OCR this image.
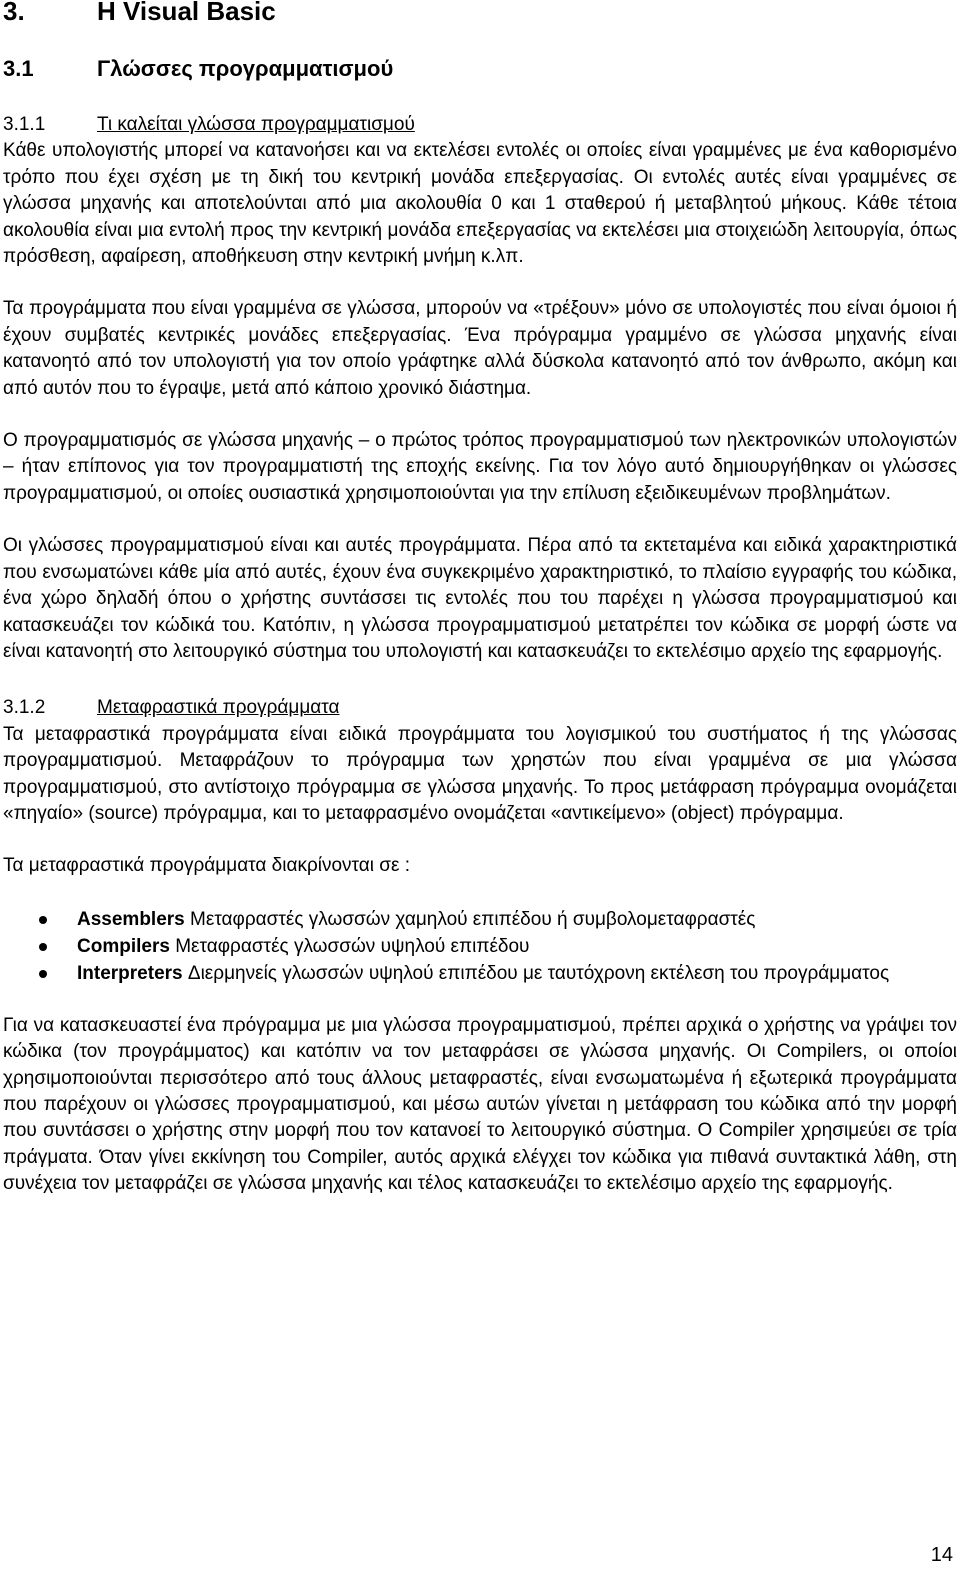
3.	Η Visual Basic
3.1	Γλώσσες προγραμματισμού
3.1.1	Τι καλείται γλώσσα προγραμματισμού

Κάθε υπολογιστής μπορεί να κατανοήσει και να εκτελέσει εντολές οι οποίες είναι γραμμένες με ένα καθορισμένο τρόπο που έχει σχέση με τη δική του κεντρική μονάδα επεξεργασίας. Οι εντολές αυτές είναι γραμμένες σε γλώσσα μηχανής και αποτελούνται από μια ακολουθία 0 και 1 σταθερού ή μεταβλητού μήκους. Κάθε τέτοια ακολουθία είναι μια εντολή προς την κεντρική μονάδα επεξεργασίας να εκτελέσει μια στοιχειώδη λειτουργία, όπως πρόσθεση, αφαίρεση, αποθήκευση στην κεντρική μνήμη κ.λπ.

Τα προγράμματα που είναι γραμμένα σε γλώσσα, μπορούν να «τρέξουν» μόνο σε υπολογιστές που είναι όμοιοι ή έχουν συμβατές κεντρικές μονάδες επεξεργασίας. Ένα πρόγραμμα γραμμένο σε γλώσσα μηχανής είναι κατανοητό από τον υπολογιστή για τον οποίο γράφτηκε αλλά δύσκολα κατανοητό από τον άνθρωπο, ακόμη και από αυτόν που το έγραψε, μετά από κάποιο χρονικό διάστημα.

Ο προγραμματισμός σε γλώσσα μηχανής – ο πρώτος τρόπος προγραμματισμού των ηλεκτρονικών υπολογιστών – ήταν επίπονος για τον προγραμματιστή της εποχής εκείνης. Για τον λόγο αυτό δημιουργήθηκαν οι γλώσσες προγραμματισμού, οι οποίες ουσιαστικά χρησιμοποιούνται για την επίλυση εξειδικευμένων προβλημάτων.

Οι γλώσσες προγραμματισμού είναι και αυτές προγράμματα. Πέρα από τα εκτεταμένα και ειδικά χαρακτηριστικά που ενσωματώνει κάθε μία από αυτές, έχουν ένα συγκεκριμένο χαρακτηριστικό, το πλαίσιο εγγραφής του κώδικα, ένα χώρο δηλαδή όπου ο χρήστης συντάσσει τις εντολές που του παρέχει η γλώσσα προγραμματισμού και κατασκευάζει τον κώδικά του. Κατόπιν, η γλώσσα προγραμματισμού μετατρέπει τον κώδικα σε μορφή ώστε να είναι κατανοητή στο λειτουργικό σύστημα του υπολογιστή και κατασκευάζει το εκτελέσιμο αρχείο της εφαρμογής.

3.1.2	Μεταφραστικά προγράμματα

Τα μεταφραστικά προγράμματα είναι ειδικά προγράμματα του λογισμικού του συστήματος ή της γλώσσας προγραμματισμού. Μεταφράζουν το πρόγραμμα των χρηστών που είναι γραμμένα σε μια γλώσσα προγραμματισμού, στο αντίστοιχο πρόγραμμα σε γλώσσα μηχανής. Το προς μετάφραση πρόγραμμα ονομάζεται «πηγαίο» (source) πρόγραμμα, και το μεταφρασμένο ονομάζεται «αντικείμενο» (object) πρόγραμμα.

Τα μεταφραστικά προγράμματα διακρίνονται σε :

Assemblers Μεταφραστές γλωσσών χαμηλού επιπέδου ή συμβολομεταφραστές
Compilers Μεταφραστές γλωσσών υψηλού επιπέδου
Interpreters Διερμηνείς γλωσσών υψηλού επιπέδου με ταυτόχρονη εκτέλεση του προγράμματος

Για να κατασκευαστεί ένα πρόγραμμα με μια γλώσσα προγραμματισμού, πρέπει αρχικά ο χρήστης να γράψει τον κώδικα (τον προγράμματος) και κατόπιν να τον μεταφράσει σε γλώσσα μηχανής. Οι Compilers, οι οποίοι χρησιμοποιούνται περισσότερο από τους άλλους μεταφραστές, είναι ενσωματωμένα ή εξωτερικά προγράμματα που παρέχουν οι γλώσσες προγραμματισμού, και μέσω αυτών γίνεται η μετάφραση του κώδικα από την μορφή που συντάσσει ο χρήστης στην μορφή που τον κατανοεί το λειτουργικό σύστημα. Ο Compiler χρησιμεύει σε τρία πράγματα. Όταν γίνει εκκίνηση του Compiler, αυτός αρχικά ελέγχει τον κώδικα για πιθανά συντακτικά λάθη, στη συνέχεια τον μεταφράζει σε γλώσσα μηχανής και τέλος κατασκευάζει το εκτελέσιμο αρχείο της εφαρμογής.

14
